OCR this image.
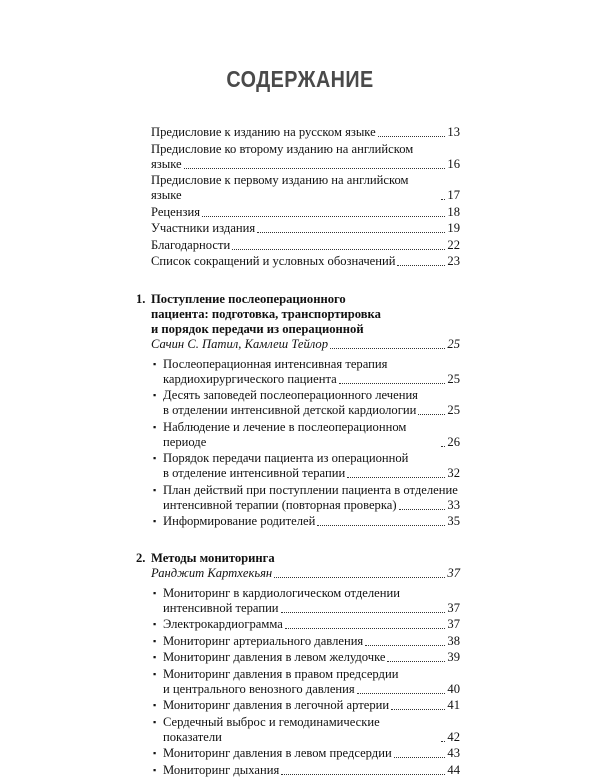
СОДЕРЖАНИЕ
Предисловие к изданию на русском языке	13
Предисловие ко второму изданию на английском
языке	16
Предисловие к первому изданию на английском языке	17
Рецензия	18
Участники издания	19
Благодарности	22
Список сокращений и условных обозначений	23
1. Поступление послеоперационного
пациента: подготовка, транспортировка
и порядок передачи из операционной
Сачин С. Патил, Камлеш Тейлор	25
▪ Послеоперационная интенсивная терапия
кардиохирургического пациента	25
▪ Десять заповедей послеоперационного лечения
в отделении интенсивной детской кардиологии 25
▪ Наблюдение и лечение в послеоперационном периоде	26
▪ Порядок передачи пациента из операционной
в отделение интенсивной терапии	32
▪ План действий при поступлении пациента в отделение
интенсивной терапии (повторная проверка)	33
▪ Информирование родителей	35
2. Методы мониторинга
Ранджит Картхекьян	37
▪ Мониторинг в кардиологическом отделении
интенсивной терапии	37
▪ Электрокардиограмма	37
▪ Мониторинг артериального давления	38
▪ Мониторинг давления в левом желудочке	39
▪ Мониторинг давления в правом предсердии
и центрального венозного давления	40
▪ Мониторинг давления в легочной артерии	41
▪ Сердечный выброс и гемодинамические показатели	42
▪ Мониторинг давления в левом предсердии	43
▪ Мониторинг дыхания	44
